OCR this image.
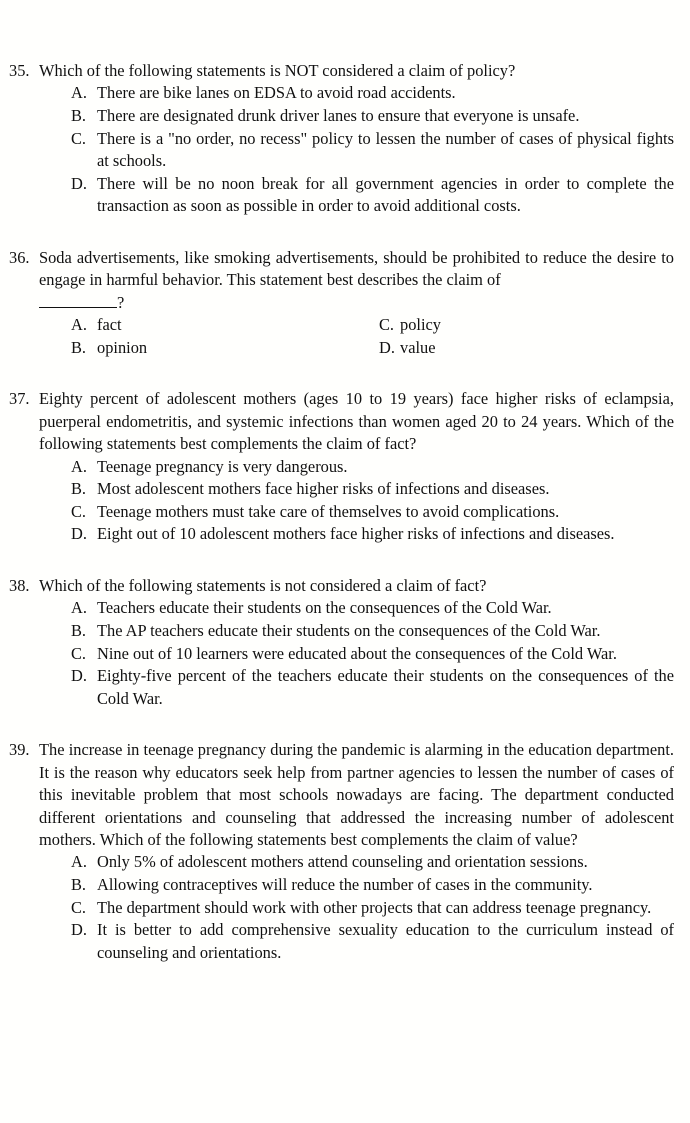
35. Which of the following statements is NOT considered a claim of policy?
A. There are bike lanes on EDSA to avoid road accidents.
B. There are designated drunk driver lanes to ensure that everyone is unsafe.
C. There is a "no order, no recess" policy to lessen the number of cases of physical fights at schools.
D. There will be no noon break for all government agencies in order to complete the transaction as soon as possible in order to avoid additional costs.
36. Soda advertisements, like smoking advertisements, should be prohibited to reduce the desire to engage in harmful behavior. This statement best describes the claim of
?
A. fact	C. policy
B. opinion	D. value
37. Eighty percent of adolescent mothers (ages 10 to 19 years) face higher risks of eclampsia, puerperal endometritis, and systemic infections than women aged 20 to 24 years. Which of the following statements best complements the claim of fact?
A. Teenage pregnancy is very dangerous.
B. Most adolescent mothers face higher risks of infections and diseases.
C. Teenage mothers must take care of themselves to avoid complications.
D. Eight out of 10 adolescent mothers face higher risks of infections and diseases.
38. Which of the following statements is not considered a claim of fact?
A. Teachers educate their students on the consequences of the Cold War.
B. The AP teachers educate their students on the consequences of the Cold War.
C. Nine out of 10 learners were educated about the consequences of the Cold War.
D. Eighty-five percent of the teachers educate their students on the consequences of the Cold War.
39. The increase in teenage pregnancy during the pandemic is alarming in the education department. It is the reason why educators seek help from partner agencies to lessen the number of cases of this inevitable problem that most schools nowadays are facing. The department conducted different orientations and counseling that addressed the increasing number of adolescent mothers. Which of the following statements best complements the claim of value?
A. Only 5% of adolescent mothers attend counseling and orientation sessions.
B. Allowing contraceptives will reduce the number of cases in the community.
C. The department should work with other projects that can address teenage pregnancy.
D. It is better to add comprehensive sexuality education to the curriculum instead of counseling and orientations.
